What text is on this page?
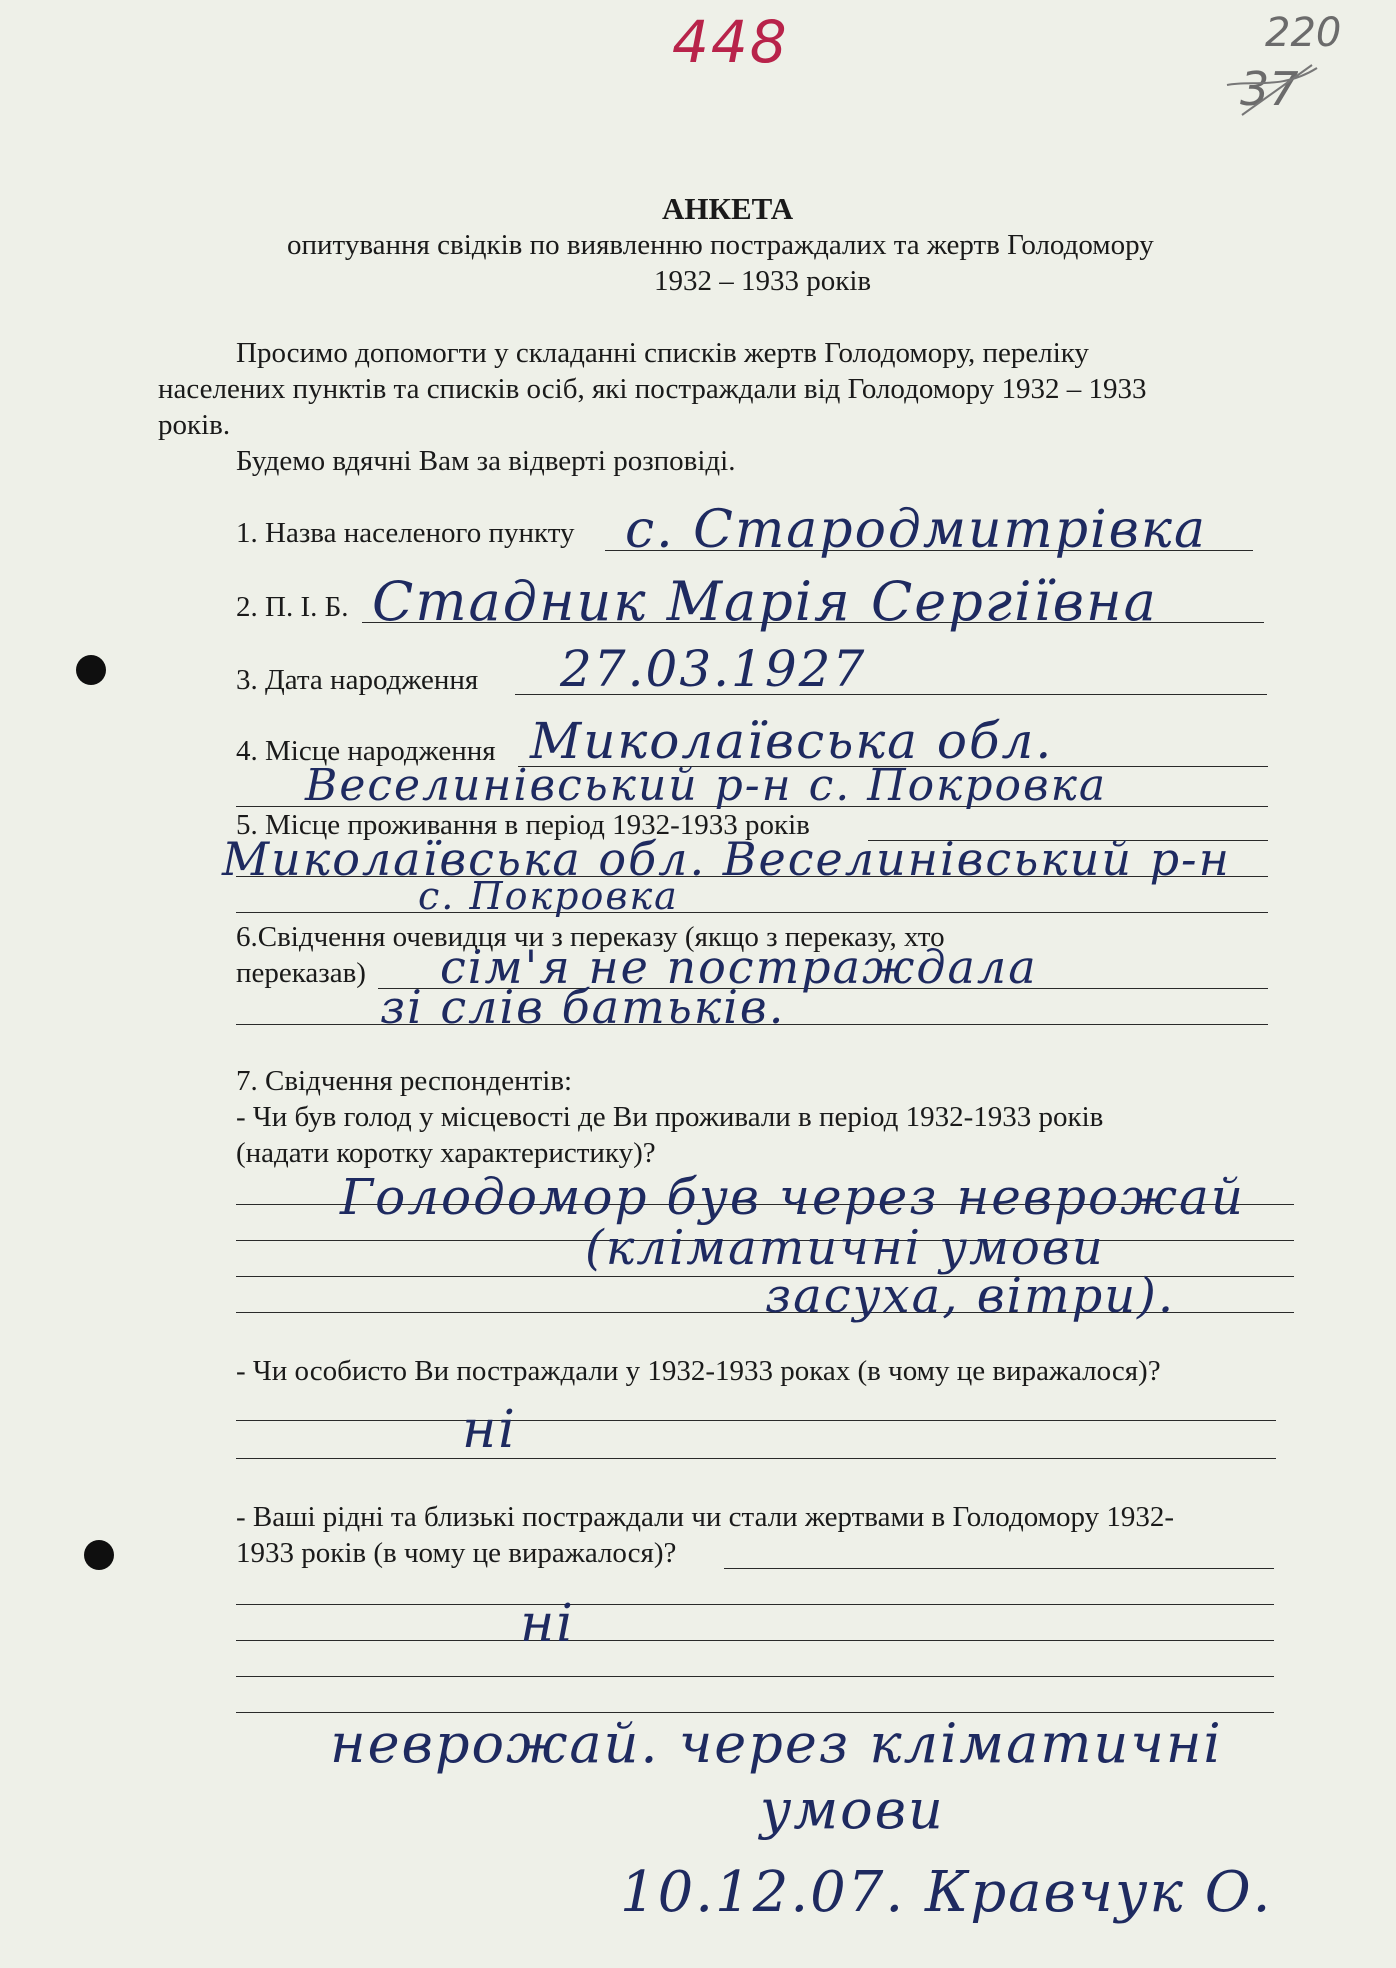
448	220
37
АНКЕТА
опитування свідків по виявленню постраждалих та жертв Голодомору
1932 – 1933 років
Просимо допомогти у складанні списків жертв Голодомору, переліку
населених пунктів та списків осіб, які постраждали від Голодомору 1932 – 1933
років.
Будемо вдячні Вам за відверті розповіді.
1. Назва населеного пункту с. Стародмитрівка
2. П. І. Б. Стадник Марія Сергіївна
3. Дата народження 27.03.1927
4. Місце народження Миколаївська обл.
Веселинівський р-н с. Покровка
5. Місце проживання в період 1932-1933 років
Миколаївська обл. Веселинівський р-н
с. Покровка
6.Свідчення очевидця чи з переказу (якщо з переказу, хто
переказав) сім'я не постраждала
зі слів батьків.
7. Свідчення респондентів:
- Чи був голод у місцевості де Ви проживали в період 1932-1933 років
(надати коротку характеристику)?
Голодомор був через неврожай
(кліматичні умови
засуха, вітри).
- Чи особисто Ви постраждали у 1932-1933 роках (в чому це виражалося)?
ні
- Ваші рідні та близькі постраждали чи стали жертвами в Голодомору 1932-
1933 років (в чому це виражалося)?
ні
неврожай. через кліматичні
умови
10.12.07. Кравчук О.
